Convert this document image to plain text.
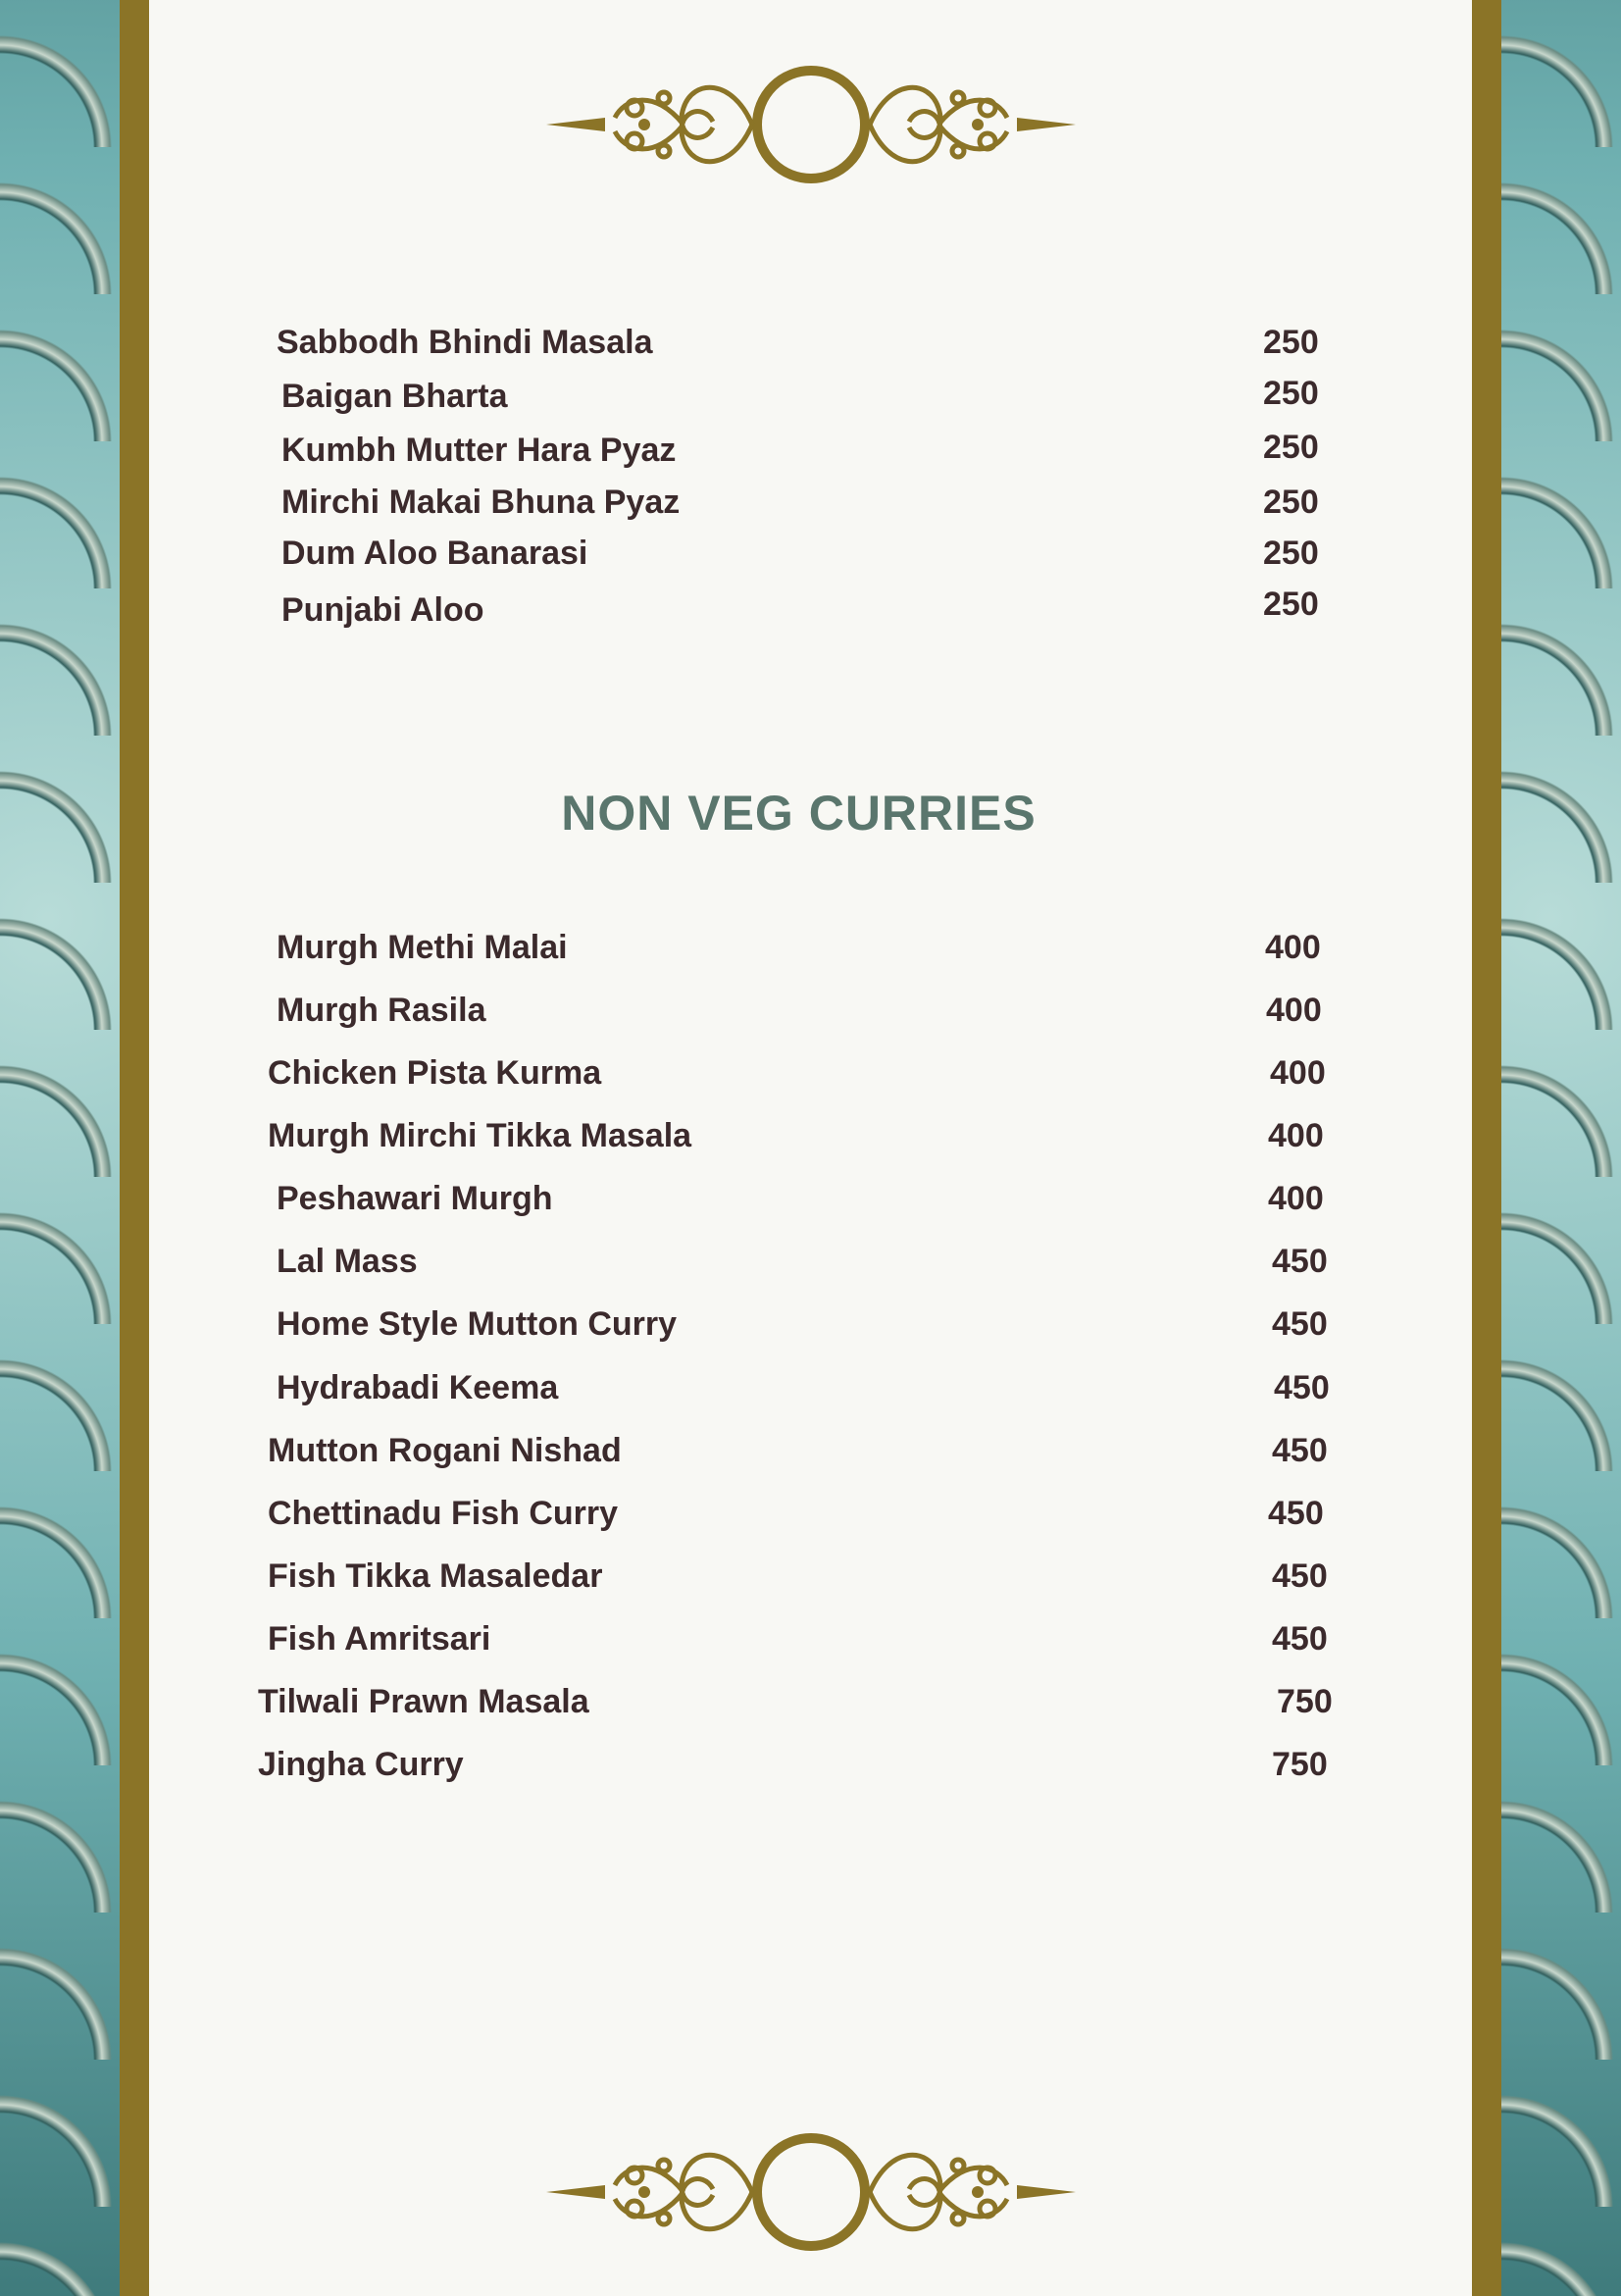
Sabbodh Bhindi Masala	250
Baigan Bharta	250
Kumbh Mutter Hara Pyaz	250
Mirchi Makai Bhuna Pyaz	250
Dum Aloo Banarasi	250
Punjabi Aloo	250
NON VEG CURRIES
Murgh Methi Malai	400
Murgh Rasila	400
Chicken Pista Kurma	400
Murgh Mirchi Tikka Masala	400
Peshawari Murgh	400
Lal Mass	450
Home Style Mutton Curry	450
Hydrabadi Keema	450
Mutton Rogani Nishad	450
Chettinadu Fish Curry	450
Fish Tikka Masaledar	450
Fish Amritsari	450
Tilwali Prawn Masala	750
Jingha Curry	750
